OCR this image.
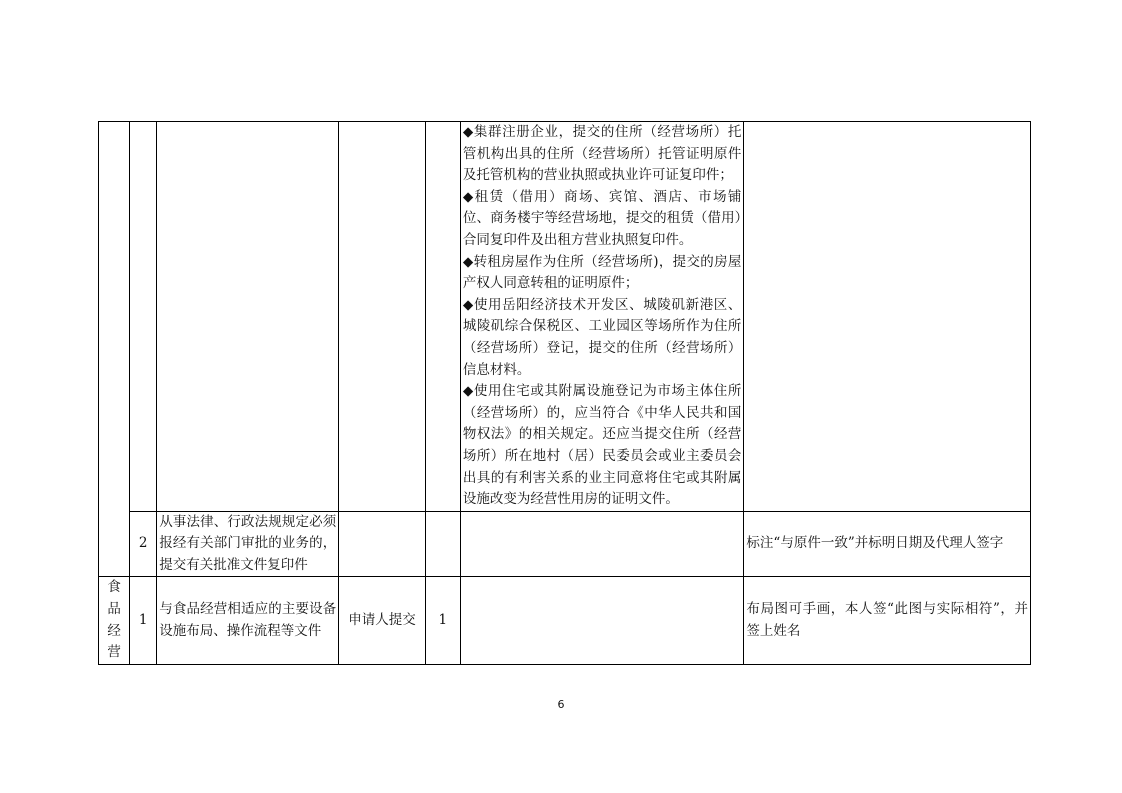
					◆集群注册企业，提交的住所（经营场所）托管机构出具的住所（经营场所）托管证明原件及托管机构的营业执照或执业许可证复印件；

◆租赁（借用）商场、宾馆、酒店、市场铺位、商务楼宇等经营场地，提交的租赁（借用）合同复印件及出租方营业执照复印件。

◆转租房屋作为住所（经营场所)，提交的房屋产权人同意转租的证明原件；

◆使用岳阳经济技术开发区、城陵矶新港区、城陵矶综合保税区、工业园区等场所作为住所（经营场所）登记，提交的住所（经营场所）信息材料。

◆使用住宅或其附属设施登记为市场主体住所（经营场所）的，应当符合《中华人民共和国物权法》的相关规定。还应当提交住所（经营场所）所在地村（居）民委员会或业主委员会出具的有利害关系的业主同意将住宅或其附属设施改变为经营性用房的证明文件。	

	2	从事法律、行政法规规定必须报经有关部门审批的业务的，提交有关批准文件复印件				标注“与原件一致”并标明日期及代理人签字
食品经营	1	与食品经营相适应的主要设备设施布局、操作流程等文件	申请人提交	1		布局图可手画，本人签“此图与实际相符”，并签上姓名
6
